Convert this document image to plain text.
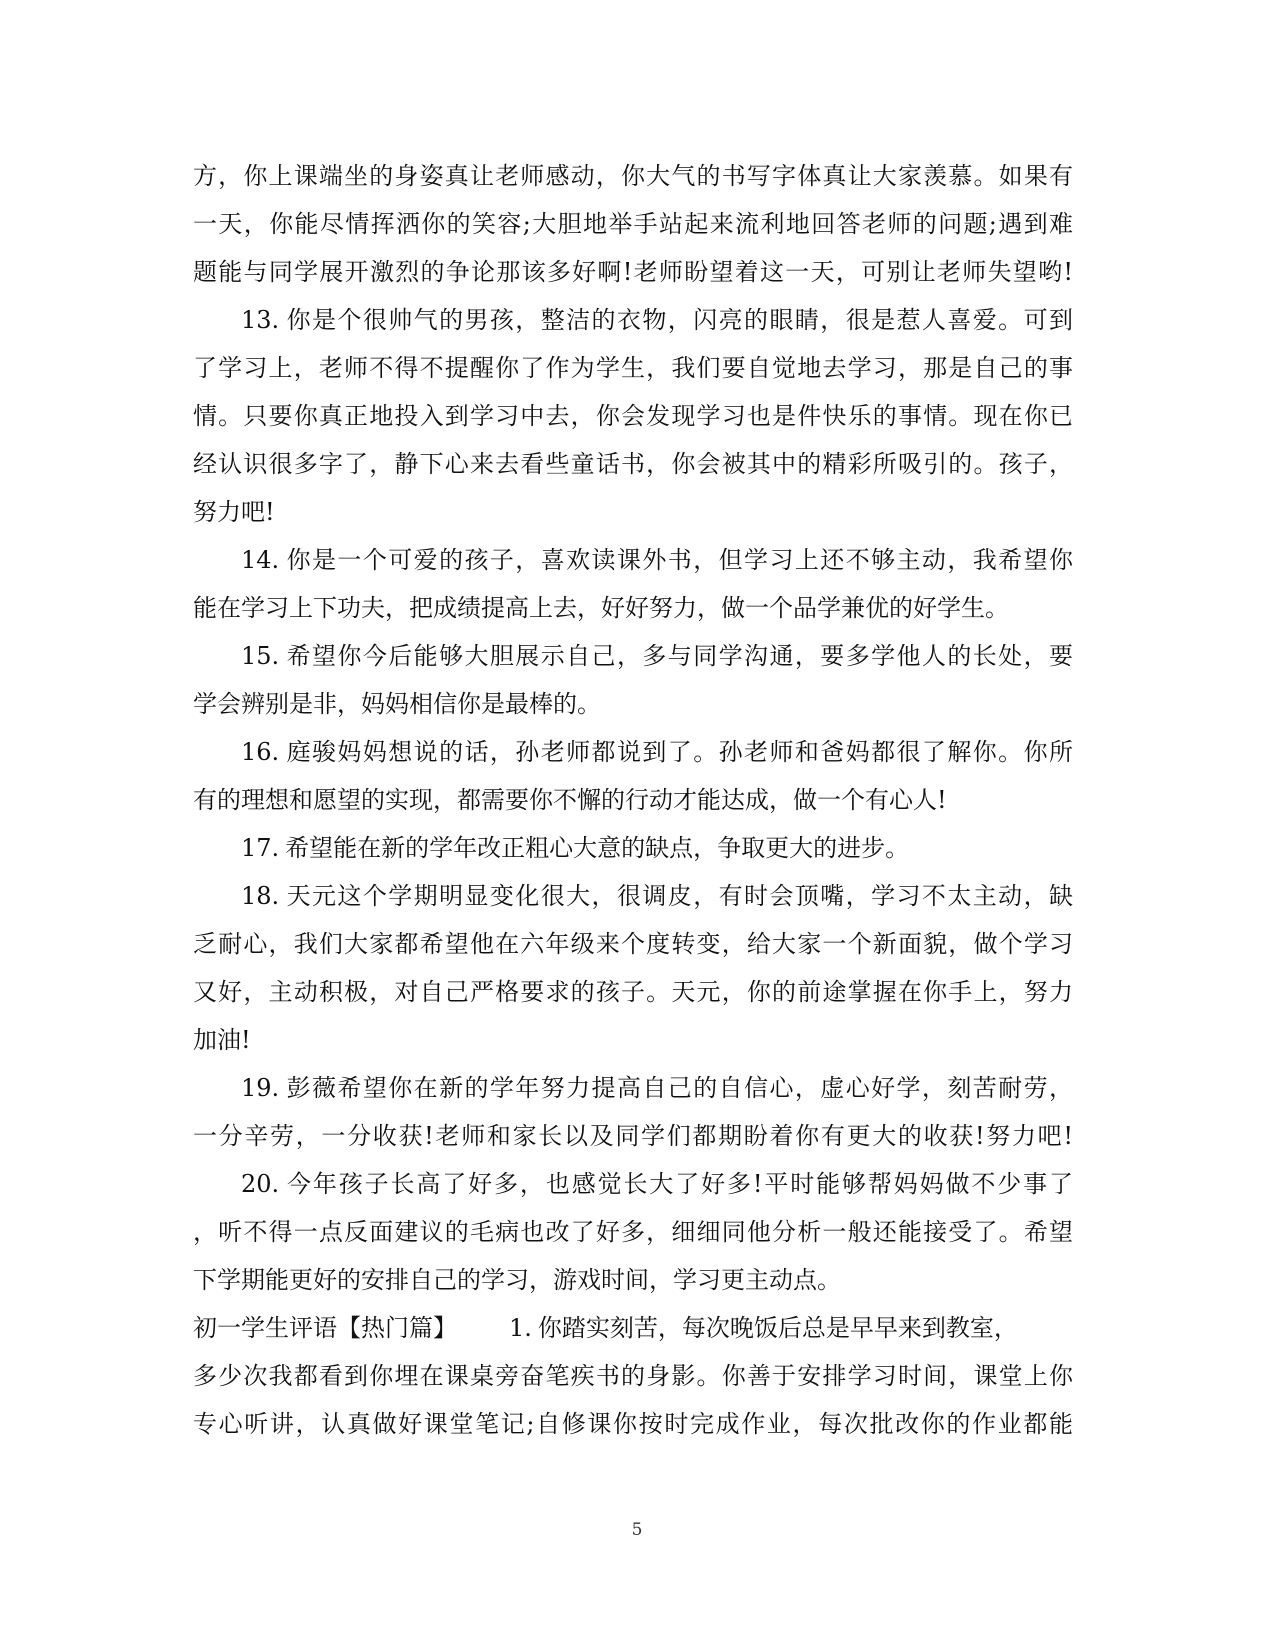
方，你上课端坐的身姿真让老师感动，你大气的书写字体真让大家羡慕。如果有
一天，你能尽情挥洒你的笑容;大胆地举手站起来流利地回答老师的问题;遇到难
题能与同学展开激烈的争论那该多好啊!老师盼望着这一天，可别让老师失望哟!
13. 你是个很帅气的男孩，整洁的衣物，闪亮的眼睛，很是惹人喜爱。可到
了学习上，老师不得不提醒你了作为学生，我们要自觉地去学习，那是自己的事
情。只要你真正地投入到学习中去，你会发现学习也是件快乐的事情。现在你已
经认识很多字了，静下心来去看些童话书，你会被其中的精彩所吸引的。孩子，
努力吧!
14. 你是一个可爱的孩子，喜欢读课外书，但学习上还不够主动，我希望你
能在学习上下功夫，把成绩提高上去，好好努力，做一个品学兼优的好学生。
15. 希望你今后能够大胆展示自己，多与同学沟通，要多学他人的长处，要
学会辨别是非，妈妈相信你是最棒的。
16. 庭骏妈妈想说的话，孙老师都说到了。孙老师和爸妈都很了解你。你所
有的理想和愿望的实现，都需要你不懈的行动才能达成，做一个有心人!
17. 希望能在新的学年改正粗心大意的缺点，争取更大的进步。
18. 天元这个学期明显变化很大，很调皮，有时会顶嘴，学习不太主动，缺
乏耐心，我们大家都希望他在六年级来个度转变，给大家一个新面貌，做个学习
又好，主动积极，对自己严格要求的孩子。天元，你的前途掌握在你手上，努力
加油!
19. 彭薇希望你在新的学年努力提高自己的自信心，虚心好学，刻苦耐劳，
一分辛劳，一分收获!老师和家长以及同学们都期盼着你有更大的收获!努力吧!
20. 今年孩子长高了好多，也感觉长大了好多!平时能够帮妈妈做不少事了
，听不得一点反面建议的毛病也改了好多，细细同他分析一般还能接受了。希望
下学期能更好的安排自己的学习，游戏时间，学习更主动点。
初一学生评语【热门篇】 1. 你踏实刻苦，每次晚饭后总是早早来到教室，
多少次我都看到你埋在课桌旁奋笔疾书的身影。你善于安排学习时间，课堂上你
专心听讲，认真做好课堂笔记;自修课你按时完成作业，每次批改你的作业都能
5
